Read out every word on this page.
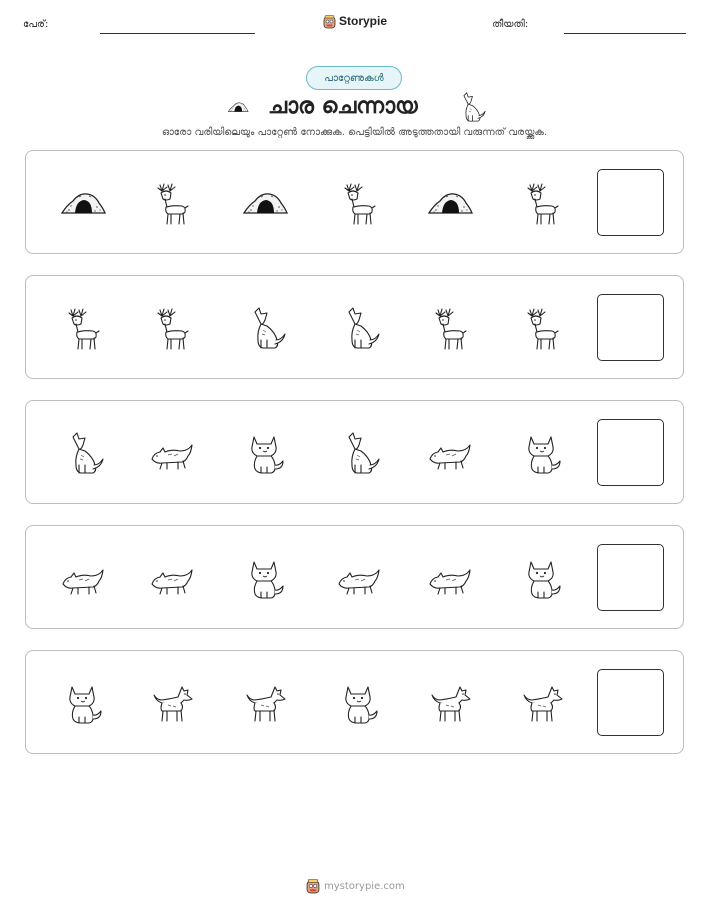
പേര്:	Storypie	തീയതി:
പാറ്റേണുകൾ
ചാര ചെന്നായ
ഓരോ വരിയിലെയും പാറ്റേൺ നോക്കുക. പെട്ടിയിൽ അടുത്തതായി വരുന്നത് വരയ്ക്കുക.
mystorypie.com
